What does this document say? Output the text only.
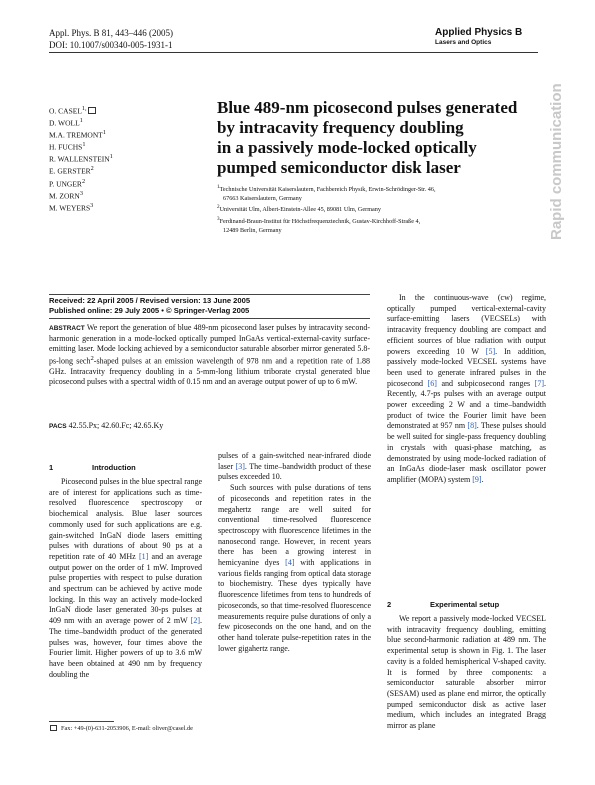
Appl. Phys. B 81, 443–446 (2005)
DOI: 10.1007/s00340-005-1931-1
Applied Physics B
Lasers and Optics
Rapid communication
O. $CASEL^{1,}$
D. WOLL$^1$
M.A. TREMONT$^1$
H. FUCHS$^1$
R. WALLENSTEIN$^1$
E. GERSTER$^2$
P. UNGER$^2$
M. ZORN$^3$
M. WEYERS$^3$
Blue 489-nm picosecond pulses generated
by intracavity frequency doubling
in a passively mode-locked optically
pumped semiconductor disk laser
$^1$Technische Universität Kaiserslautern, Fachbereich Physik, Erwin-Schrödinger-Str. 46,
67663 Kaiserslautern, Germany
$^2$Universität Ulm, Albert-Einstein-Allee 45, 89081 Ulm, Germany
$^3$Ferdinand-Braun-Institut für Höchstfrequenztechnik, Gustav-Kirchhoff-Straße 4,
12489 Berlin, Germany
Received: 22 April 2005 / Revised version: 13 June 2005
Published online: 29 July 2005 • © Springer-Verlag 2005
ABSTRACT We report the generation of blue 489-nm picosecond laser pulses by intracavity second-harmonic generation in a mode-locked optically pumped InGaAs vertical-external-cavity surface-emitting laser. Mode locking achieved by a semiconductor saturable absorber mirror generated 5.8-ps-long sech$^2$-shaped pulses at an emission wavelength of 978 nm and a repetition rate of 1.88 GHz. Intracavity frequency doubling in a 5-mm-long lithium triborate crystal generated blue picosecond pulses with a spectral width of 0.15 nm and an average output power of up to 6 mW.
PACS 42.55.Px; 42.60.Fc; 42.65.Ky
1	Introduction

Picosecond pulses in the blue spectral range are of interest for applications such as time-resolved fluorescence spectroscopy or biochemical analysis. Blue laser sources commonly used for such applications are e.g. gain-switched InGaN diode lasers emitting pulses with durations of about 90 ps at a repetition rate of 40 MHz [1] and an average output power on the order of 1 mW. Improved pulse properties with respect to pulse duration and spectrum can be achieved by active mode locking. In this way an actively mode-locked InGaN diode laser generated 30-ps pulses at 409 nm with an average power of 2 mW [2]. The time–bandwidth product of the generated pulses was, however, four times above the Fourier limit. Higher powers of up to 3.6 mW have been obtained at 490 nm by frequency doubling the

pulses of a gain-switched near-infrared diode laser [3]. The time–bandwidth product of these pulses exceeded 10.

Such sources with pulse durations of tens of picoseconds and repetition rates in the megahertz range are well suited for conventional time-resolved fluorescence spectroscopy with fluorescence lifetimes in the nanosecond range. However, in recent years there has been a growing interest in hemicyanine dyes [4] with applications in various fields ranging from optical data storage to biochemistry. These dyes typically have fluorescence lifetimes from tens to hundreds of picoseconds, so that time-resolved fluorescence measurements require pulse durations of only a few picoseconds on the one hand, and on the other hand tolerate pulse-repetition rates in the lower gigahertz range.

In the continuous-wave (cw) regime, optically pumped vertical-external-cavity surface-emitting lasers (VECSELs) with intracavity frequency doubling are compact and efficient sources of blue radiation with output powers exceeding 10 W [5]. In addition, passively mode-locked VECSEL systems have been used to generate infrared pulses in the picosecond [6] and subpicosecond ranges [7]. Recently, 4.7-ps pulses with an average output power exceeding 2 W and a time–bandwidth product of twice the Fourier limit have been demonstrated at 957 nm [8]. These pulses should be well suited for single-pass frequency doubling in crystals with quasi-phase matching, as demonstrated by using mode-locked radiation of an InGaAs diode-laser mask oscillator power amplifier (MOPA) system [9].

2	Experimental setup

We report a passively mode-locked VECSEL with intracavity frequency doubling, emitting blue second-harmonic radiation at 489 nm. The experimental setup is shown in Fig. 1. The laser cavity is a folded hemispherical V-shaped cavity. It is formed by three components: a semiconductor saturable absorber mirror (SESAM) used as plane end mirror, the optically pumped semiconductor disk as active laser medium, which includes an integrated Bragg mirror as plane

Fax: +49-(0)-631-2053906, E-mail: oliver@casel.de
